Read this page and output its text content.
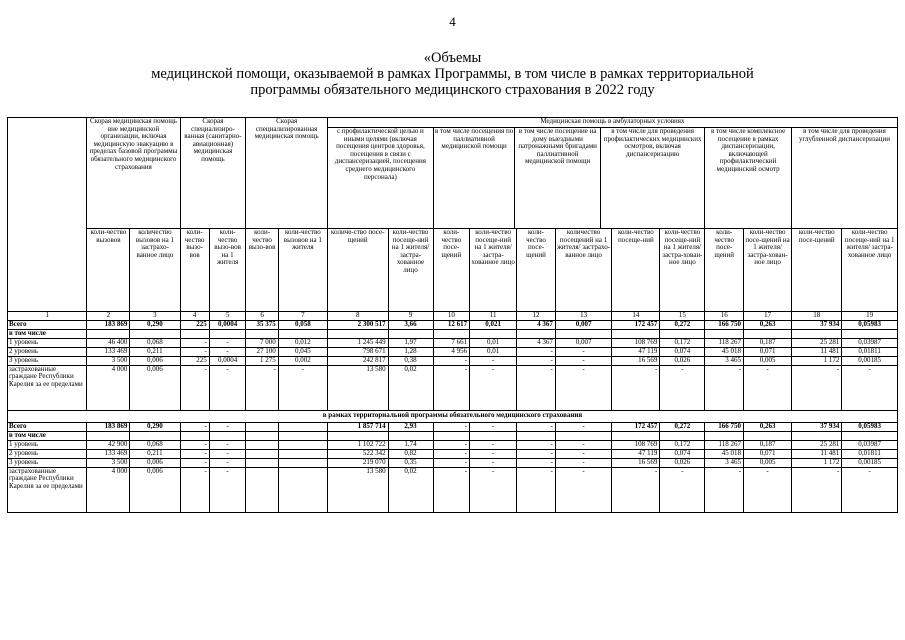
4
«Объемы
медицинской помощи, оказываемой в рамках Программы, в том числе в рамках территориальной
программы обязательного медицинского страхования в 2022 году
	Скорая медицинская помощь вне медицинской организации, включая медицинскую эвакуацию в пределах базовой программы обязательного медицинского страхования	Скорая специализиро-ванная (санитарно-авиационная) медицинская помощь	Скорая специализированная медицинская помощь	
Медицинская помощь в амбулаторных условиях
с профилактической целью и иными целями (включая посещения центров здоровья, посещения в связи с диспансеризацией, посещения среднего медицинского персонала)	в том числе посещения по паллиативной медицинской помощи	в том числе посещение на дому выездными патронажными бригадами паллиативной медицинской помощи	в том числе для проведения профилактических медицинских осмотров, включая диспансеризацию	в том числе комплексное посещение в рамках диспансеризации, включающей профилактический медицинский осмотр	в том числе для проведения углубленной диспансеризации

коли-чество вызовов	количество вызовов на 1 застрахо-ванное лицо	коли-чество вызо-вов	коли-чество вызо-вов на 1 жителя	коли-чество вызо-вов	коли-чество вызовов на 1 жителя	количе-ство посе-щений	коли-чество посеще-ний на 1 жителя/ застра-хованное лицо	коли-чество посе-щений	коли-чество посеще-ний на 1 жителя/ застра-хованное лицо	коли-чество посе-щений	количество посещений на 1 жителя/ застрахо-ванное лицо	коли-чество посеще-ний	коли-чество посеще-ний на 1 жителя/ застра-хован-ное лицо	коли-чество посе-щений	коли-чество посе-щений на 1 жителя/ застра-хован-ное лицо	коли-чество посе-щений	коли-чество посеще-ний на 1 жителя/ застра-хованное лицо
1	2	3	4	5	6	7	8	9	10	11	12	13	14	15	16	17	18	19
Всего	183 869	0,290	225	0,0004	35 375	0,058	2 300 517	3,66	12 617	0,021	4 367	0,007	172 457	0,272	166 750	0,263	37 934	0,05983
в том числе																		
1 уровень	46 400	0,068	-	-	7 000	0,012	1 245 449	1,97	7 661	0,01	4 367	0,007	108 769	0,172	118 267	0,187	25 281	0,03987
2 уровень	133 469	0,211	-	-	27 100	0,045	798 671	1,28	4 956	0,01	-	-	47 119	0,074	45 018	0,071	11 481	0,01811
3 уровень	3 500	0,006	225	0,0004	1 275	0,002	242 817	0,38	-	-	-	-	16 569	0,026	3 465	0,005	1 172	0,00185
застрахованные граждане Республики Карелия за ее пределами	4 000	0,006	-	-	-	-	13 580	0,02	-	-	-	-	-	-	-	-	-	-
в рамках территориальной программы обязательного медицинского страхования
Всего	183 869	0,290	-	-			1 857 714	2,93	-	-	-	-	172 457	0,272	166 750	0,263	37 934	0,05983
в том числе																		
1 уровень	42 900	0,068	-	-			1 102 722	1,74	-	-	-	-	108 769	0,172	118 267	0,187	25 281	0,03987
2 уровень	133 469	0,211	-	-			522 342	0,82	-	-	-	-	47 119	0,074	45 018	0,071	11 481	0,01811
3 уровень	3 500	0,006	-	-			219 070	0,35	-	-	-	-	16 569	0,026	3 465	0,005	1 172	0,00185
застрахованные граждане Республики Карелия за ее пределами	4 000	0,006	-	-			13 580	0,02	-	-	-	-	-	-	-	-	-	-
